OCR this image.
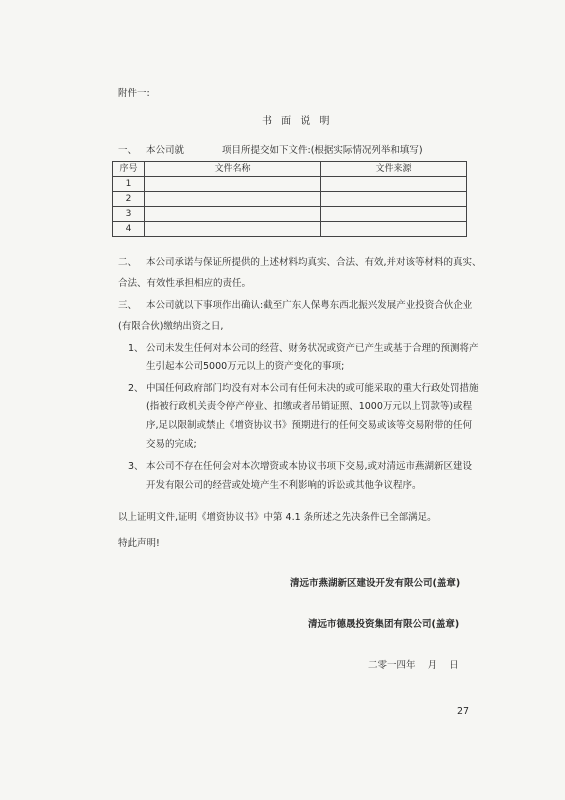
附件一:
书 面 说 明
一、 本公司就	项目所提交如下文件:(根据实际情况列举和填写)
序号	文件名称	文件来源
1		
2		
3		
4		
二、 本公司承诺与保证所提供的上述材料均真实、合法、有效,并对该等材料的真实、
合法、有效性承担相应的责任。
三、 本公司就以下事项作出确认:截至广东人保粤东西北振兴发展产业投资合伙企业
(有限合伙)缴纳出资之日,
1、 公司未发生任何对本公司的经营、财务状况或资产已产生或基于合理的预测将产
生引起本公司5000万元以上的资产变化的事项;
2、 中国任何政府部门均没有对本公司有任何未决的或可能采取的重大行政处罚措施
(指被行政机关责令停产停业、扣缴或者吊销证照、1000万元以上罚款等)或程
序,足以限制或禁止《增资协议书》预期进行的任何交易或该等交易附带的任何
交易的完成;
3、 本公司不存在任何会对本次增资或本协议书项下交易,或对清远市燕湖新区建设
开发有限公司的经营或处境产生不利影响的诉讼或其他争议程序。
以上证明文件,证明《增资协议书》中第 4.1 条所述之先决条件已全部满足。
特此声明!
清远市燕湖新区建设开发有限公司(盖章)
清远市德晟投资集团有限公司(盖章)
二零一四年    月    日
27
